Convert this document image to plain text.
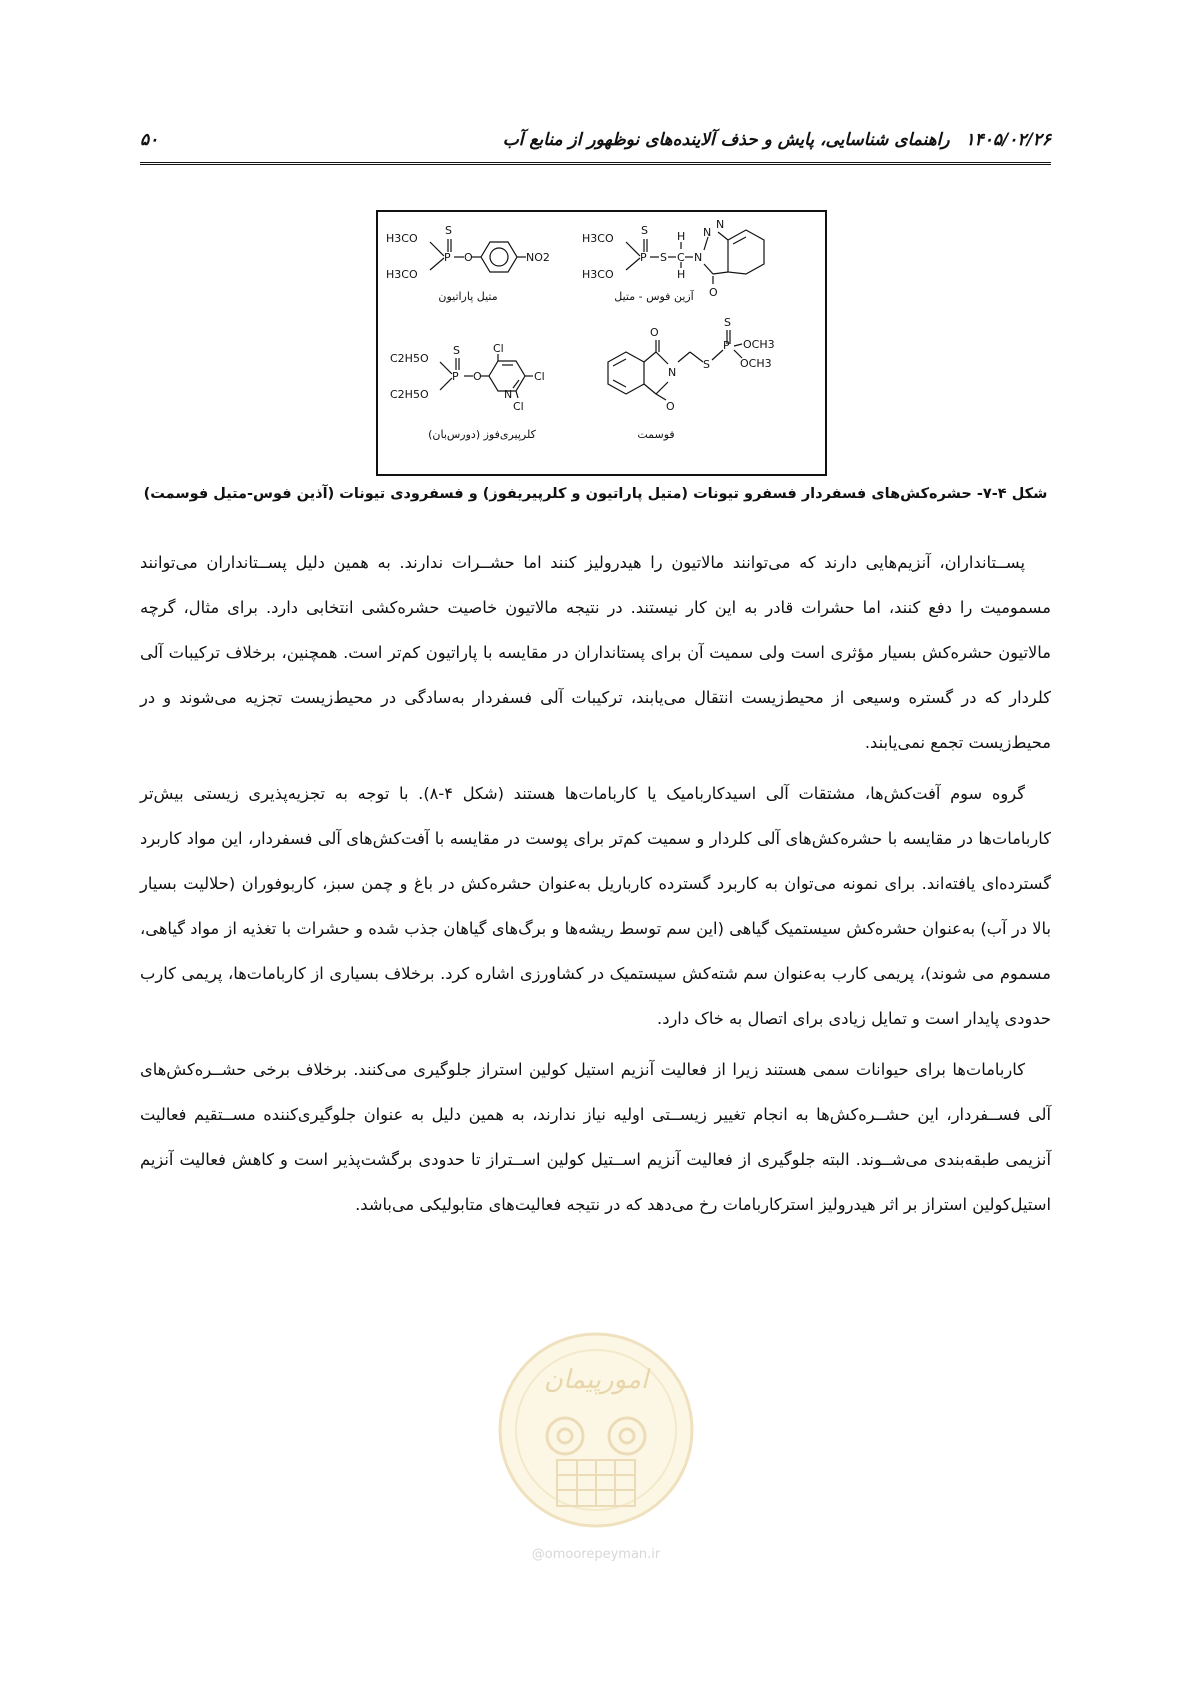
۱۴۰۵/۰۲/۲۶ راهنمای شناسایی، پایش و حذف آلاینده‌های نوظهور از منابع آب
۵۰
H3CO
S
P O	NO2
H3CO
متیل پاراتیون
H3CO
S
P S C
H
H
N
N
N
O
H3CO
آزین فوس - متیل
C2H5O
S
P O
Cl
Cl
N
Cl
C2H5O
کلرپیری‌فوز (دورس‌بان)
O
N
S
S
P OCH3
OCH3
O
فوسمت
شکل ۴-۷- حشره‌کش‌های فسفردار فسفرو تیونات (متیل پاراتیون و کلرپیریفوز) و فسفرودی تیونات (آذین فوس-متیل فوسمت)

پســتانداران، آنزیم‌هایی دارند که می‌توانند مالاتیون را هیدرولیز کنند اما حشــرات ندارند. به همین دلیل پســتانداران می‌توانند مسمومیت را دفع کنند، اما حشرات قادر به این کار نیستند. در نتیجه مالاتیون خاصیت حشره‌کشی انتخابی دارد. برای مثال، گرچه مالاتیون حشره‌کش بسیار مؤثری است ولی سمیت آن برای پستانداران در مقایسه با پاراتیون کم‌تر است. همچنین، برخلاف ترکیبات آلی کلردار که در گستره وسیعی از محیط‌زیست انتقال می‌یابند، ترکیبات آلی فسفردار به‌سادگی در محیط‌زیست تجزیه می‌شوند و در محیط‌زیست تجمع نمی‌یابند.

گروه سوم آفت‌کش‌ها، مشتقات آلی اسیدکاربامیک یا کاربامات‌ها هستند (شکل ۴-۸). با توجه به تجزیه‌پذیری زیستی بیش‌تر کاربامات‌ها در مقایسه با حشره‌کش‌های آلی کلردار و سمیت کم‌تر برای پوست در مقایسه با آفت‌کش‌های آلی فسفردار، این مواد کاربرد گسترده‌ای یافته‌اند. برای نمونه می‌توان به کاربرد گسترده کارباریل به‌عنوان حشره‌کش در باغ و چمن سبز، کاربوفوران (حلالیت بسیار بالا در آب) به‌عنوان حشره‌کش سیستمیک گیاهی (این سم توسط ریشه‌ها و برگ‌های گیاهان جذب شده و حشرات با تغذیه از مواد گیاهی، مسموم می شوند)، پریمی کارب به‌عنوان سم شته‌کش سیستمیک در کشاورزی اشاره کرد. برخلاف بسیاری از کاربامات‌ها، پریمی کارب حدودی پایدار است و تمایل زیادی برای اتصال به خاک دارد.

کاربامات‌ها برای حیوانات سمی هستند زیرا از فعالیت آنزیم استیل کولین استراز جلوگیری می‌کنند. برخلاف برخی حشــره‌کش‌های آلی فســفردار، این حشــره‌کش‌ها به انجام تغییر زیســتی اولیه نیاز ندارند، به همین دلیل به عنوان جلوگیری‌کننده مســتقیم فعالیت آنزیمی طبقه‌بندی می‌شــوند. البته جلوگیری از فعالیت آنزیم اســتیل کولین اســتراز تا حدودی برگشت‌پذیر است و کاهش فعالیت آنزیم استیل‌کولین استراز بر اثر هیدرولیز استرکاربامات رخ می‌دهد که در نتیجه فعالیت‌های متابولیکی می‌باشد.

امورپیمان
@omoorepeyman.ir
